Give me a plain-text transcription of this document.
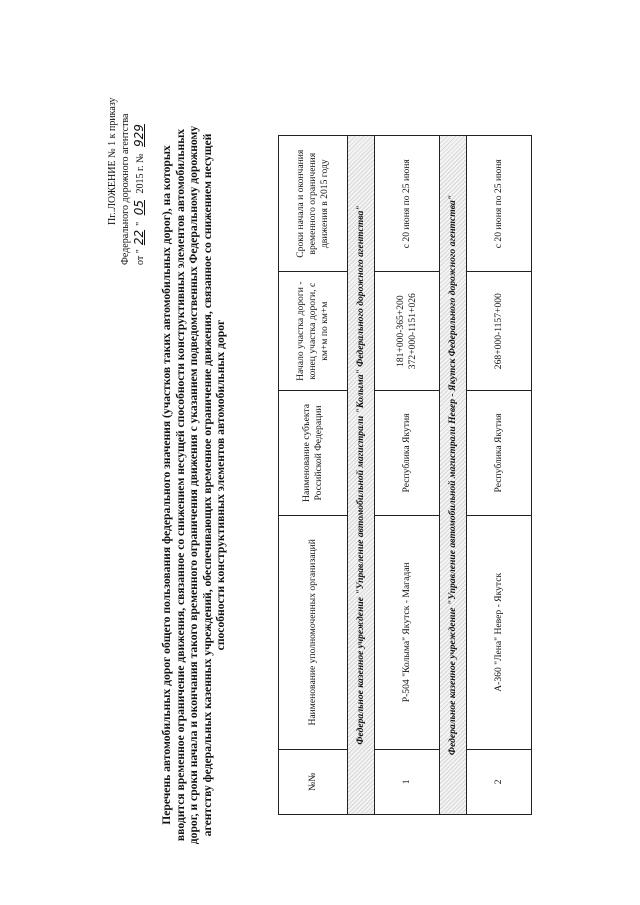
Пг..ЛОЖЕНИЕ № 1 к приказу Федерального дорожного агентства от "22" 05 2015 г. № 929
Перечень автомобильных дорог общего пользования федерального значения (участков таких автомобильных дорог), на которых вводится временное ограничение движения, связанное со снижением несущей способности конструктивных элементов автомобильных дорог, и сроки начала и окончания такого временного ограничения движения с указанием подведомственных Федеральному дорожному агентству федеральных казенных учреждений, обеспечивающих временное ограничение движения, связанное со снижением несущей способности конструктивных элементов автомобильных дорог
№№	Наименование уполномоченных организаций	Наименование субъекта Российской Федерации	Начало участка дороги - конец участка дороги, с км+м по км+м	Сроки начала и окончания временного ограничения движения в 2015 году
Федеральное казенное учреждение "Управление автомобильной магистрали "Колыма" Федерального дорожного агентства"				
1	Р-504 "Колыма" Якутск - Магадан	Республика Якутия	181+000-365+200 372+000-1151+026	с 20 июня по 25 июня
Федеральное казенное учреждение "Управление автомобильной магистрали Невер - Якутск Федерального дорожного агентства"				
2	А-360 "Лена" Невер - Якутск	Республика Якутия	268+000-1157+000	с 20 июня по 25 июня
